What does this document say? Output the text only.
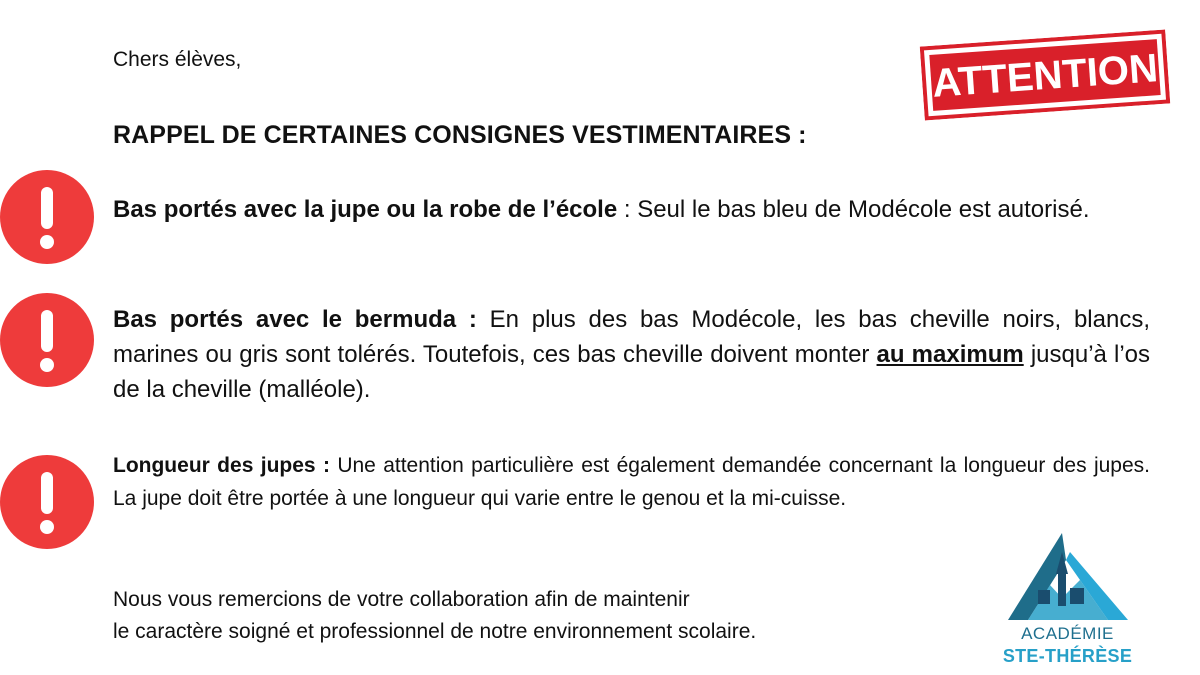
Chers élèves,	ATTENTION
RAPPEL DE CERTAINES CONSIGNES VESTIMENTAIRES :
Bas portés avec la jupe ou la robe de l’école : Seul le bas bleu de Modécole est autorisé.
Bas portés avec le bermuda : En plus des bas Modécole, les bas cheville noirs, blancs, marines ou gris sont tolérés. Toutefois, ces bas cheville doivent monter au maximum jusqu’à l’os de la cheville (malléole).
Longueur des jupes : Une attention particulière est également demandée concernant la longueur des jupes. La jupe doit être portée à une longueur qui varie entre le genou et la mi-cuisse.
Nous vous remercions de votre collaboration afin de maintenir
le caractère soigné et professionnel de notre environnement scolaire.	ACADÉMIE
STE-THÉRÈSE
